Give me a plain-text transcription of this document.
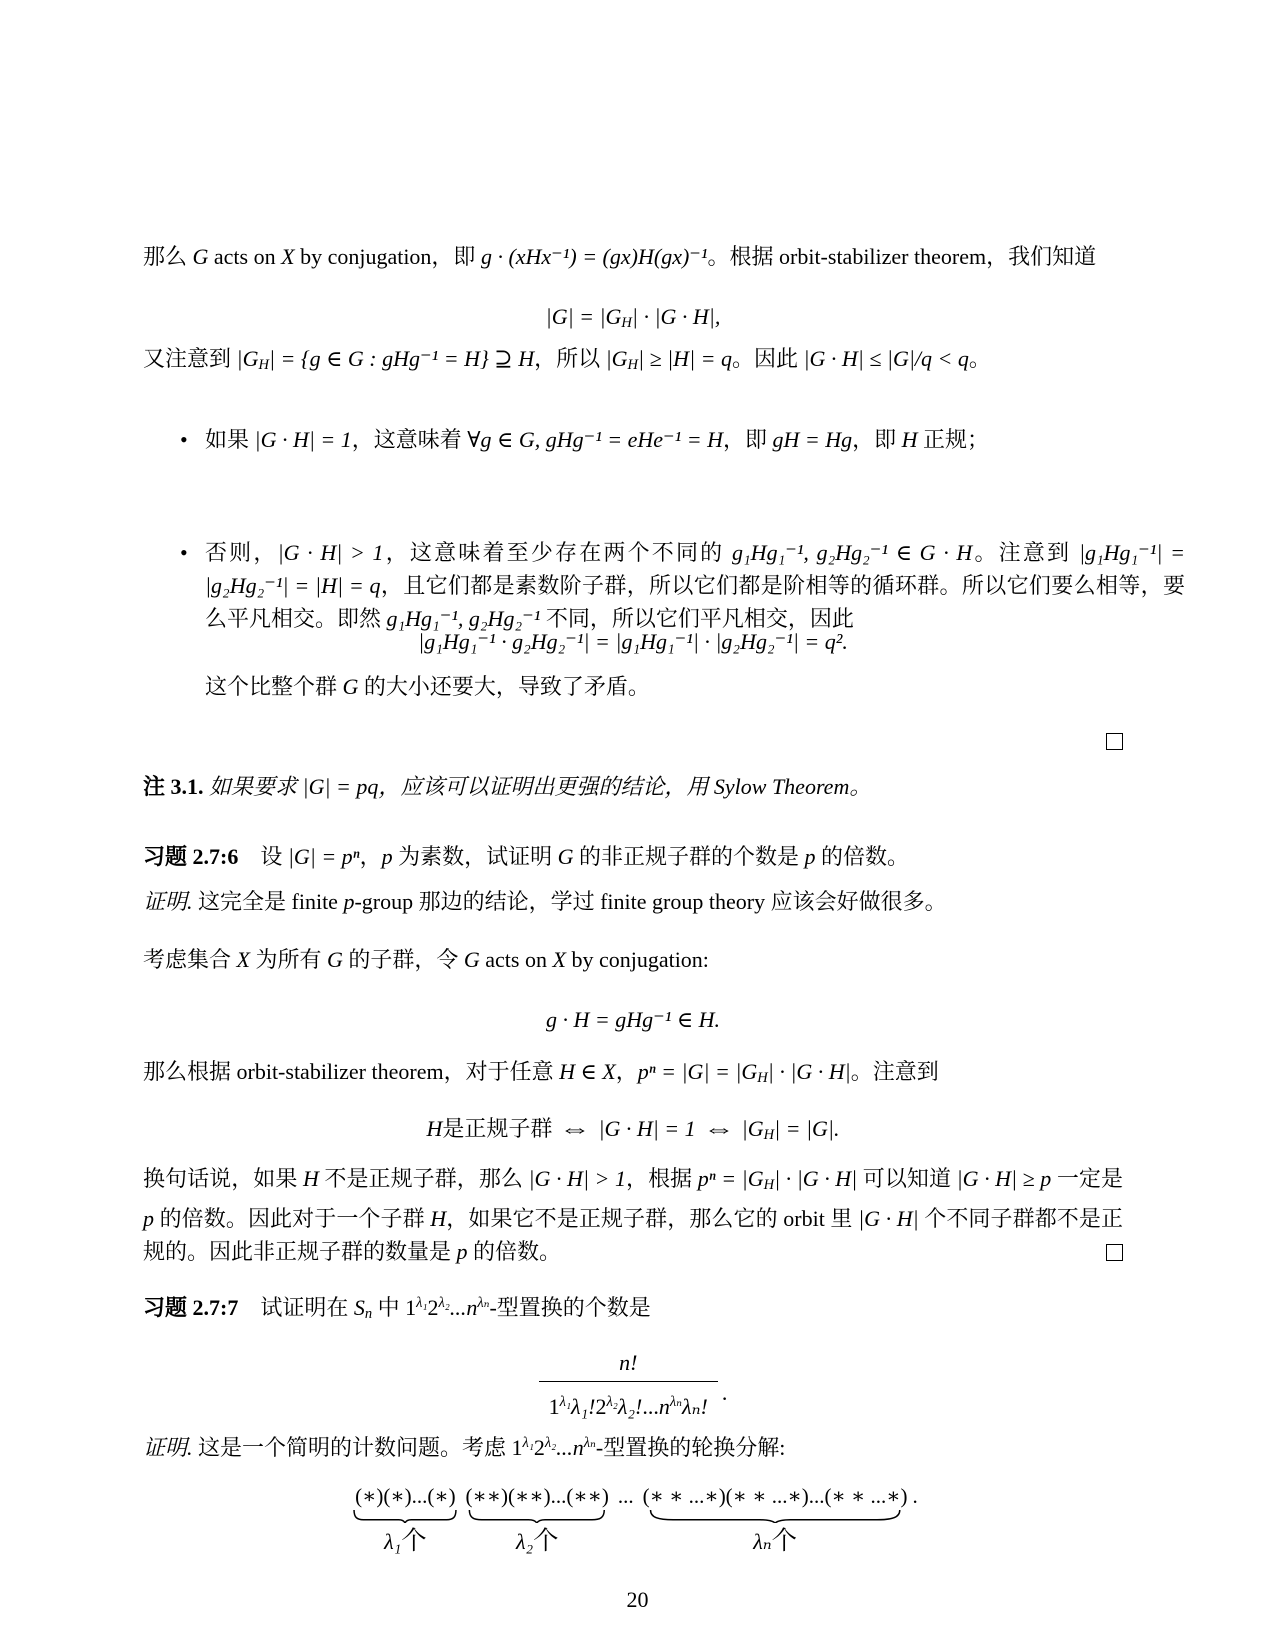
那么 G acts on X by conjugation，即 g · (xHx⁻¹) = (gx)H(gx)⁻¹。根据 orbit-stabilizer theorem，我们知道
|G| = |GH| · |G · H|,
又注意到 |GH| = {g ∈ G : gHg⁻¹ = H} ⊇ H，所以 |GH| ≥ |H| = q。因此 |G · H| ≤ |G|/q < q。
• 如果 |G · H| = 1，这意味着 ∀g ∈ G, gHg⁻¹ = eHe⁻¹ = H，即 gH = Hg，即 H 正规；
• 否则，|G · H| > 1，这意味着至少存在两个不同的 g₁Hg₁⁻¹, g₂Hg₂⁻¹ ∈ G · H。注意到 |g₁Hg₁⁻¹| = |g₂Hg₂⁻¹| = |H| = q，且它们都是素数阶子群，所以它们都是阶相等的循环群。所以它们要么相等，要么平凡相交。即然 g₁Hg₁⁻¹, g₂Hg₂⁻¹ 不同，所以它们平凡相交，因此
|g₁Hg₁⁻¹ · g₂Hg₂⁻¹| = |g₁Hg₁⁻¹| · |g₂Hg₂⁻¹| = q².
这个比整个群 G 的大小还要大，导致了矛盾。
注 3.1. 如果要求 |G| = pq，应该可以证明出更强的结论，用 Sylow Theorem。
习题 2.7:6　设 |G| = pⁿ，p 为素数，试证明 G 的非正规子群的个数是 p 的倍数。
证明. 这完全是 finite p-group 那边的结论，学过 finite group theory 应该会好做很多。
考虑集合 X 为所有 G 的子群，令 G acts on X by conjugation:
g · H = gHg⁻¹ ∈ H.
那么根据 orbit-stabilizer theorem，对于任意 H ∈ X，pⁿ = |G| = |GH| · |G · H|。注意到
H是正规子群 ⇔ |G · H| = 1 ⇔ |GH| = |G|.
换句话说，如果 H 不是正规子群，那么 |G · H| > 1，根据 pⁿ = |GH| · |G · H| 可以知道 |G · H| ≥ p 一定是 p 的倍数。因此对于一个子群 H，如果它不是正规子群，那么它的 orbit 里 |G · H| 个不同子群都不是正规的。因此非正规子群的数量是 p 的倍数。
习题 2.7:7　试证明在 Sn 中 $1^{\lambda_1}2^{\lambda_2}...n^{\lambda_n}-$型置换的个数是
$\frac{n!}{1^{\lambda_1}\lambda_1!2^{\lambda_2}\lambda_2!...n^{\lambda_n}\lambda_n!}$ .
证明. 这是一个简明的计数问题。考虑 $1^{\lambda_1}2^{\lambda_2}...n^{\lambda_n}-$型置换的轮换分解:
(∗)(∗)...(∗)
λ₁个
(∗∗)(∗∗)...(∗∗)
λ₂个
... (∗ ∗ ...∗)(∗ ∗ ...∗)...(∗ ∗ ...∗)
λₙ个
.
20
